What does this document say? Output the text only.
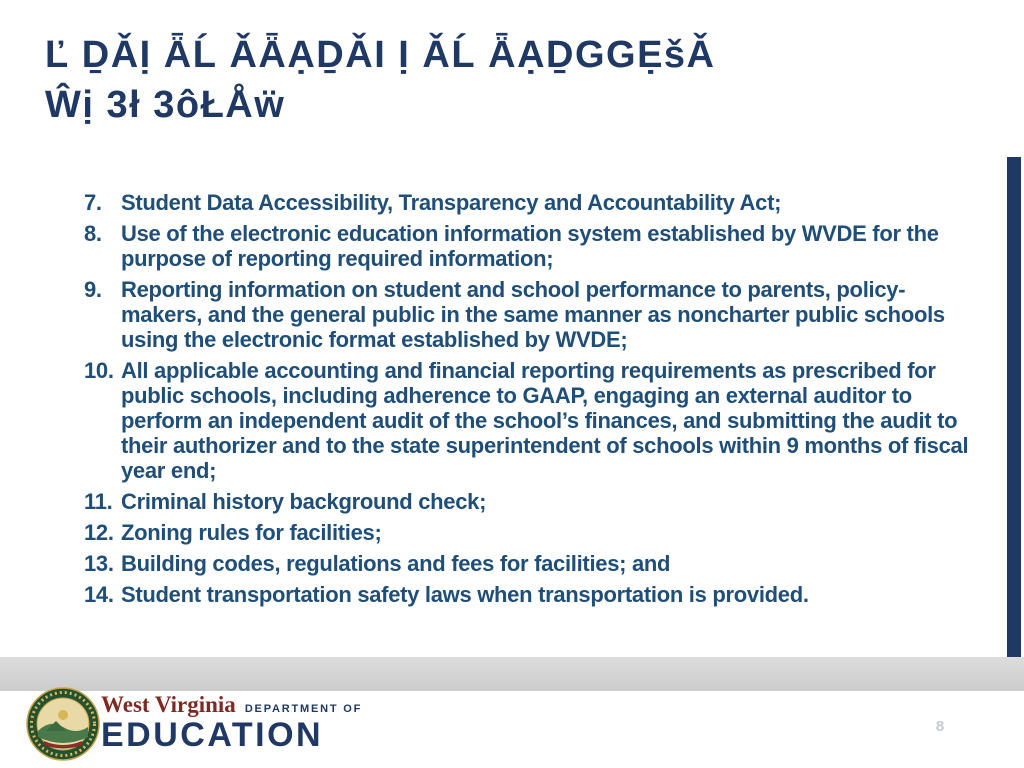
Ľ ḎǍỊ ǞĹ ǍǞẠḎǍI Ị ǍĹ ǞẠḎGGẸšǍ
Ŵị 3ł 3ôŁÅẅ
7. Student Data Accessibility, Transparency and Accountability Act;
8. Use of the electronic education information system established by WVDE for the purpose of reporting required information;
9. Reporting information on student and school performance to parents, policy-makers, and the general public in the same manner as noncharter public schools using the electronic format established by WVDE;
10. All applicable accounting and financial reporting requirements as prescribed for public schools, including adherence to GAAP, engaging an external auditor to perform an independent audit of the school’s finances, and submitting the audit to their authorizer and to the state superintendent of schools within 9 months of fiscal year end;
11. Criminal history background check;
12. Zoning rules for facilities;
13. Building codes, regulations and fees for facilities; and
14. Student transportation safety laws when transportation is provided.
West Virginia DEPARTMENT OF
EDUCATION	8
